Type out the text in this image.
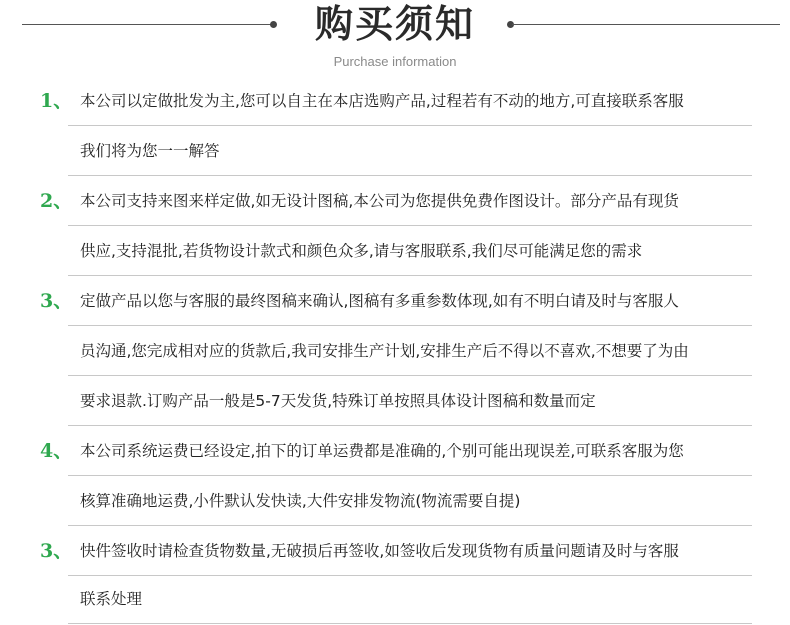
购买须知
Purchase information
1、 本公司以定做批发为主,您可以自主在本店选购产品,过程若有不动的地方,可直接联系客服
我们将为您一一解答
2、 本公司支持来图来样定做,如无设计图稿,本公司为您提供免费作图设计。部分产品有现货
供应,支持混批,若货物设计款式和颜色众多,请与客服联系,我们尽可能满足您的需求
3、 定做产品以您与客服的最终图稿来确认,图稿有多重参数体现,如有不明白请及时与客服人
员沟通,您完成相对应的货款后,我司安排生产计划,安排生产后不得以不喜欢,不想要了为由
要求退款.订购产品一般是5-7天发货,特殊订单按照具体设计图稿和数量而定
4、 本公司系统运费已经设定,拍下的订单运费都是准确的,个别可能出现误差,可联系客服为您
核算准确地运费,小件默认发快读,大件安排发物流(物流需要自提)
3、 快件签收时请检查货物数量,无破损后再签收,如签收后发现货物有质量问题请及时与客服
联系处理
